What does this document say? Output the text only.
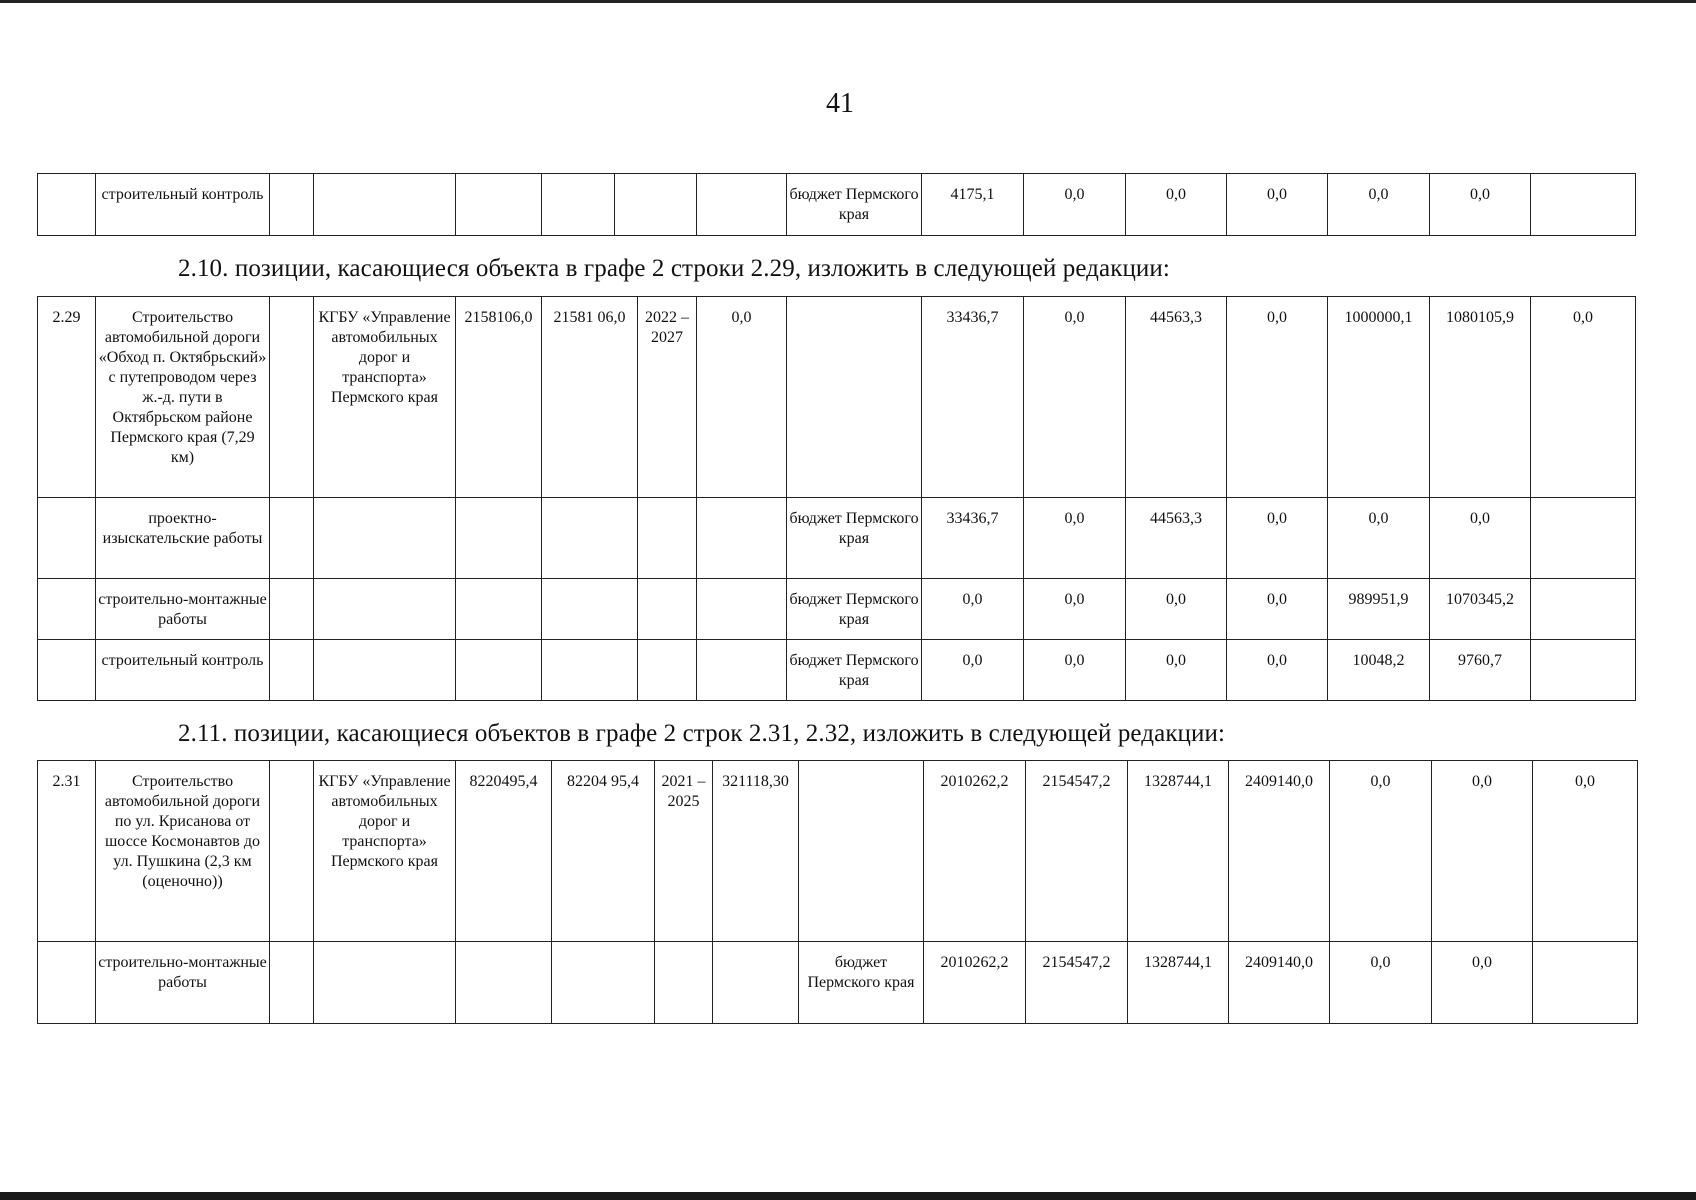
41
	строительный контроль							бюджет Пермского края	4175,1	0,0	0,0	0,0	0,0	0,0	
2.10. позиции, касающиеся объекта в графе 2 строки 2.29, изложить в следующей редакции:
2.29	Строительство автомобильной дороги «Обход п. Октябрьский» с путепроводом через ж.-д. пути в Октябрьском районе Пермского края (7,29 км)		КГБУ «Управление автомобильных дорог и транспорта» Пермского края	2158106,0	21581 06,0	2022 – 2027	0,0		33436,7	0,0	44563,3	0,0	1000000,1	1080105,9	0,0
	проектно-изыскательские работы							бюджет Пермского края	33436,7	0,0	44563,3	0,0	0,0	0,0	
	строительно-монтажные работы							бюджет Пермского края	0,0	0,0	0,0	0,0	989951,9	1070345,2	
	строительный контроль							бюджет Пермского края	0,0	0,0	0,0	0,0	10048,2	9760,7	
2.11. позиции, касающиеся объектов в графе 2 строк 2.31, 2.32, изложить в следующей редакции:
2.31	Строительство автомобильной дороги по ул. Крисанова от шоссе Космонавтов до ул. Пушкина (2,3 км (оценочно))		КГБУ «Управление автомобильных дорог и транспорта» Пермского края	8220495,4	82204 95,4	2021 – 2025	321118,30		2010262,2	2154547,2	1328744,1	2409140,0	0,0	0,0	0,0
	строительно-монтажные работы							бюджет Пермского края	2010262,2	2154547,2	1328744,1	2409140,0	0,0	0,0	
